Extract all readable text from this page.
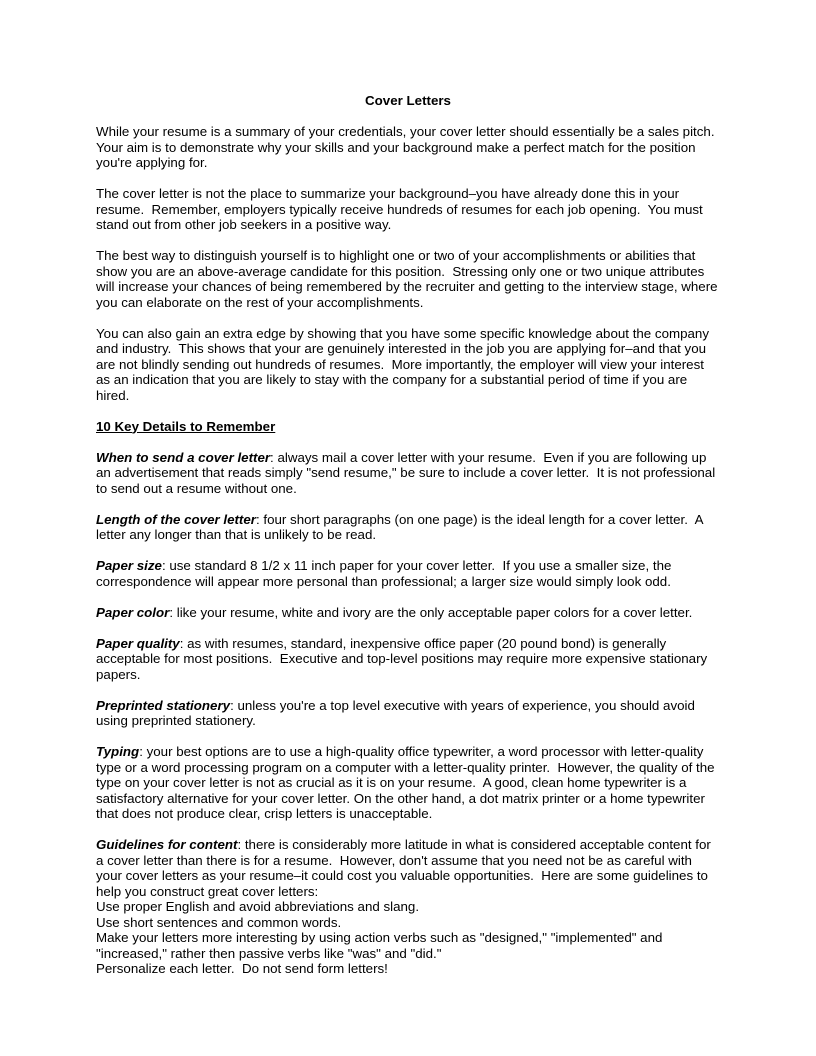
Cover Letters

While your resume is a summary of your credentials, your cover letter should essentially be a sales pitch.  Your aim is to demonstrate why your skills and your background make a perfect match for the position you're applying for.

The cover letter is not the place to summarize your background–you have already done this in your resume.  Remember, employers typically receive hundreds of resumes for each job opening.  You must stand out from other job seekers in a positive way.

The best way to distinguish yourself is to highlight one or two of your accomplishments or abilities that show you are an above-average candidate for this position.  Stressing only one or two unique attributes will increase your chances of being remembered by the recruiter and getting to the interview stage, where you can elaborate on the rest of your accomplishments.

You can also gain an extra edge by showing that you have some specific knowledge about the company and industry.  This shows that your are genuinely interested in the job you are applying for–and that you are not blindly sending out hundreds of resumes.  More importantly, the employer will view your interest as an indication that you are likely to stay with the company for a substantial period of time if you are hired.

10 Key Details to Remember

When to send a cover letter: always mail a cover letter with your resume.  Even if you are following up an advertisement that reads simply "send resume," be sure to include a cover letter.  It is not professional to send out a resume without one.

Length of the cover letter: four short paragraphs (on one page) is the ideal length for a cover letter.  A letter any longer than that is unlikely to be read.

Paper size: use standard 8 1/2 x 11 inch paper for your cover letter.  If you use a smaller size, the correspondence will appear more personal than professional; a larger size would simply look odd.

Paper color: like your resume, white and ivory are the only acceptable paper colors for a cover letter.

Paper quality: as with resumes, standard, inexpensive office paper (20 pound bond) is generally acceptable for most positions.  Executive and top-level positions may require more expensive stationary papers.

Preprinted stationery: unless you're a top level executive with years of experience, you should avoid using preprinted stationery.

Typing: your best options are to use a high-quality office typewriter, a word processor with letter-quality type or a word processing program on a computer with a letter-quality printer.  However, the quality of the type on your cover letter is not as crucial as it is on your resume.  A good, clean home typewriter is a satisfactory alternative for your cover letter. On the other hand, a dot matrix printer or a home typewriter that does not produce clear, crisp letters is unacceptable.

Guidelines for content: there is considerably more latitude in what is considered acceptable content for a cover letter than there is for a resume.  However, don't assume that you need not be as careful with your cover letters as your resume–it could cost you valuable opportunities.  Here are some guidelines to help you construct great cover letters:

Use proper English and avoid abbreviations and slang.
Use short sentences and common words.
Make your letters more interesting by using action verbs such as "designed," "implemented" and "increased," rather then passive verbs like "was" and "did."
Personalize each letter.  Do not send form letters!
